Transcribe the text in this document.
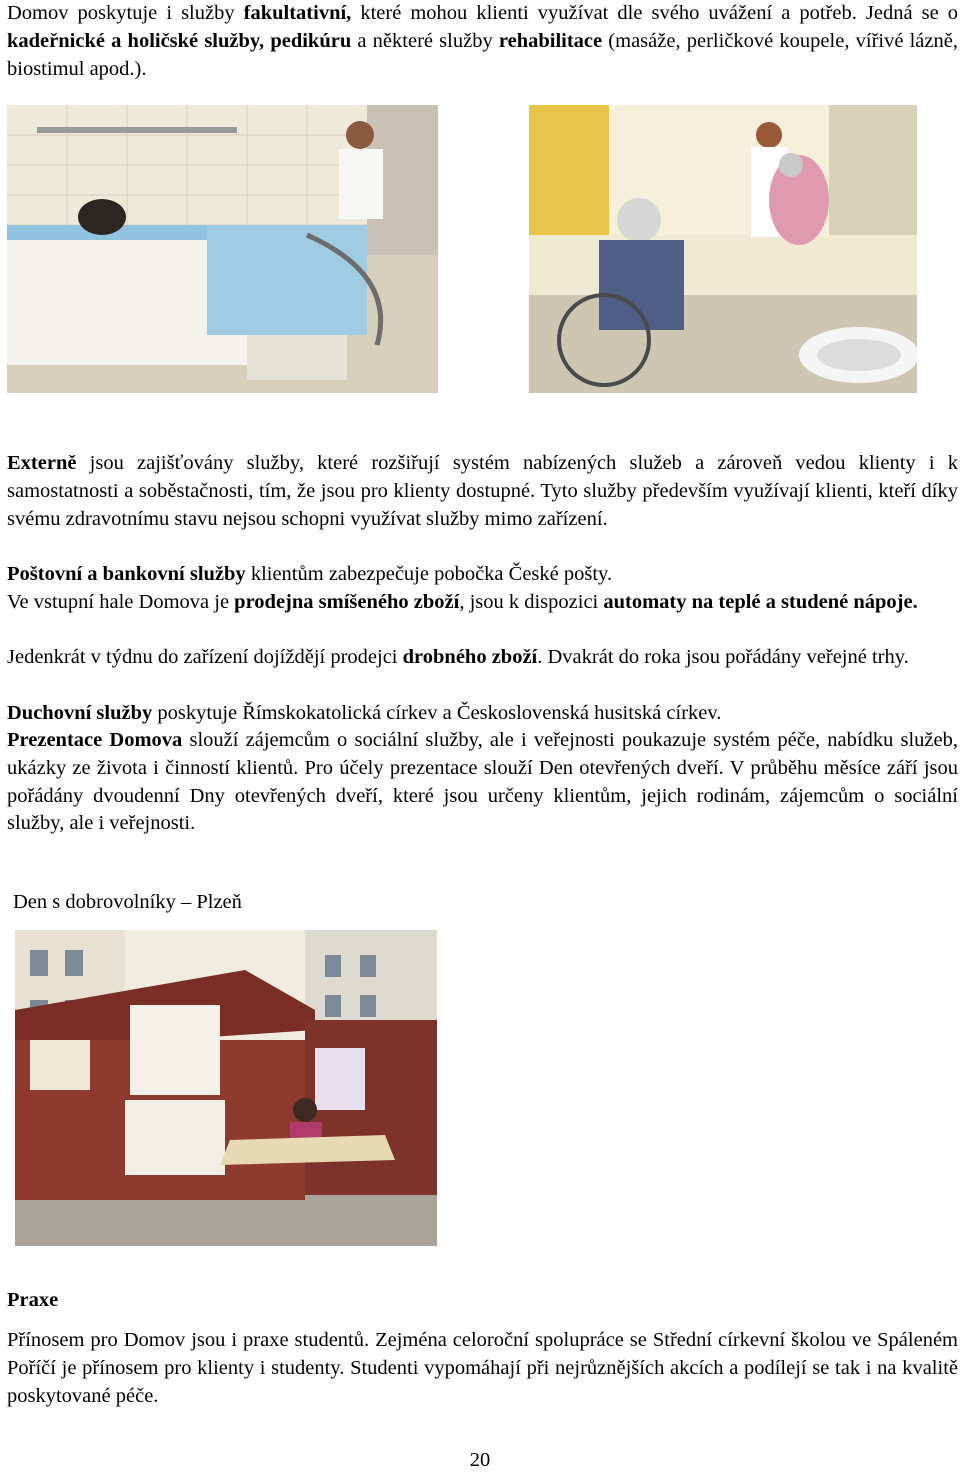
Domov poskytuje i služby fakultativní, které mohou klienti využívat dle svého uvážení a potřeb. Jedná se o kadeřnické a holičské služby, pedikúru a některé služby rehabilitace (masáže, perličkové koupele, vířivé lázně, biostimul apod.).

Externě jsou zajišťovány služby, které rozšiřují systém nabízených služeb a zároveň vedou klienty i k samostatnosti a soběstačnosti, tím, že jsou pro klienty dostupné. Tyto služby především využívají klienti, kteří díky svému zdravotnímu stavu nejsou schopni využívat služby mimo zařízení.

Poštovní a bankovní služby klientům zabezpečuje pobočka České pošty.

Ve vstupní hale Domova je prodejna smíšeného zboží, jsou k dispozici automaty na teplé a studené nápoje.

Jedenkrát v týdnu do zařízení dojíždějí prodejci drobného zboží. Dvakrát do roka jsou pořádány veřejné trhy.

Duchovní služby poskytuje Římskokatolická církev a Československá husitská církev.

Prezentace Domova slouží zájemcům o sociální služby, ale i veřejnosti poukazuje systém péče, nabídku služeb, ukázky ze života i činností klientů. Pro účely prezentace slouží Den otevřených dveří. V průběhu měsíce září jsou pořádány dvoudenní Dny otevřených dveří, které jsou určeny klientům, jejich rodinám, zájemcům o sociální služby, ale i veřejnosti.

Den s dobrovolníky – Plzeň

Praxe

Přínosem pro Domov jsou i praxe studentů. Zejména celoroční spolupráce se Střední církevní školou ve Spáleném Poříčí je přínosem pro klienty i studenty. Studenti vypomáhají při nejrůznějších akcích a podílejí se tak i na kvalitě poskytované péče.

20
